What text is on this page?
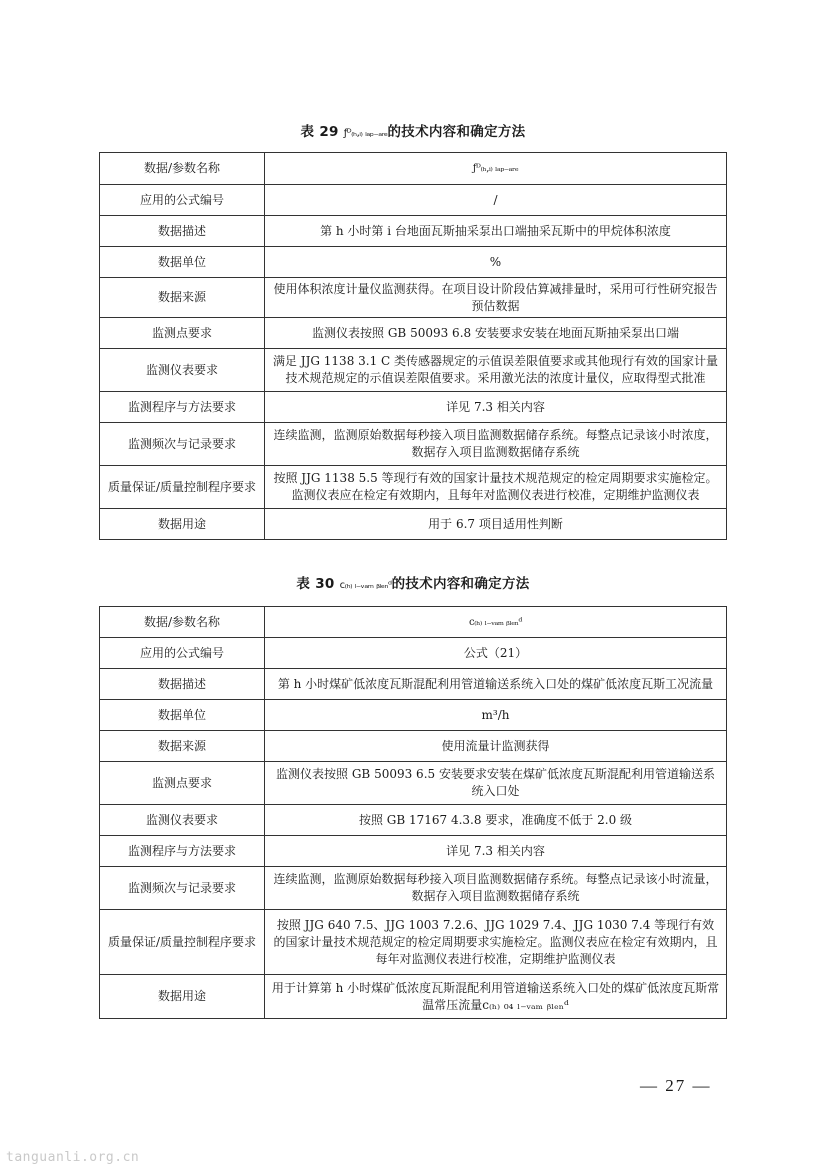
表 29 ƒᴰ₍ₕ,ᵢ₎ ₗₐₚ₋ₐᵣₑ的技术内容和确定方法
数据/参数名称	ƒᴰ₍ₕ,ᵢ₎ ₗₐₚ₋ₐᵣₑ
应用的公式编号	/
数据描述	第 h 小时第 i 台地面瓦斯抽采泵出口端抽采瓦斯中的甲烷体积浓度
数据单位	%
数据来源	使用体积浓度计量仪监测获得。在项目设计阶段估算减排量时，采用可行性研究报告预估数据
监测点要求	监测仪表按照 GB 50093 6.8 安装要求安装在地面瓦斯抽采泵出口端
监测仪表要求	满足 JJG 1138 3.1 C 类传感器规定的示值误差限值要求或其他现行有效的国家计量技术规范规定的示值误差限值要求。采用激光法的浓度计量仪，应取得型式批准
监测程序与方法要求	详见 7.3 相关内容
监测频次与记录要求	连续监测，监测原始数据每秒接入项目监测数据储存系统。每整点记录该小时浓度，数据存入项目监测数据储存系统
质量保证/质量控制程序要求	按照 JJG 1138 5.5 等现行有效的国家计量技术规范规定的检定周期要求实施检定。监测仪表应在检定有效期内，且每年对监测仪表进行校准，定期维护监测仪表
数据用途	用于 6.7 项目适用性判断
表 30 ϲ₍ₕ₎ ₗ₋ᵥₐₘ ᵦₗₑₙᵈ的技术内容和确定方法
数据/参数名称	ϲ₍ₕ₎ ₗ₋ᵥₐₘ ᵦₗₑₙᵈ
应用的公式编号	公式（21）
数据描述	第 h 小时煤矿低浓度瓦斯混配利用管道输送系统入口处的煤矿低浓度瓦斯工况流量
数据单位	m³/h
数据来源	使用流量计监测获得
监测点要求	监测仪表按照 GB 50093 6.5 安装要求安装在煤矿低浓度瓦斯混配利用管道输送系统入口处
监测仪表要求	按照 GB 17167 4.3.8 要求，准确度不低于 2.0 级
监测程序与方法要求	详见 7.3 相关内容
监测频次与记录要求	连续监测，监测原始数据每秒接入项目监测数据储存系统。每整点记录该小时流量，数据存入项目监测数据储存系统
质量保证/质量控制程序要求	按照 JJG 640 7.5、JJG 1003 7.2.6、JJG 1029 7.4、JJG 1030 7.4 等现行有效的国家计量技术规范规定的检定周期要求实施检定。监测仪表应在检定有效期内，且每年对监测仪表进行校准，定期维护监测仪表
数据用途	用于计算第 h 小时煤矿低浓度瓦斯混配利用管道输送系统入口处的煤矿低浓度瓦斯常温常压流量ϲ₍ₕ₎ ₀₄ ₗ₋ᵥₐₘ ᵦₗₑₙᵈ
— 27 —
tanguanli.org.cn
